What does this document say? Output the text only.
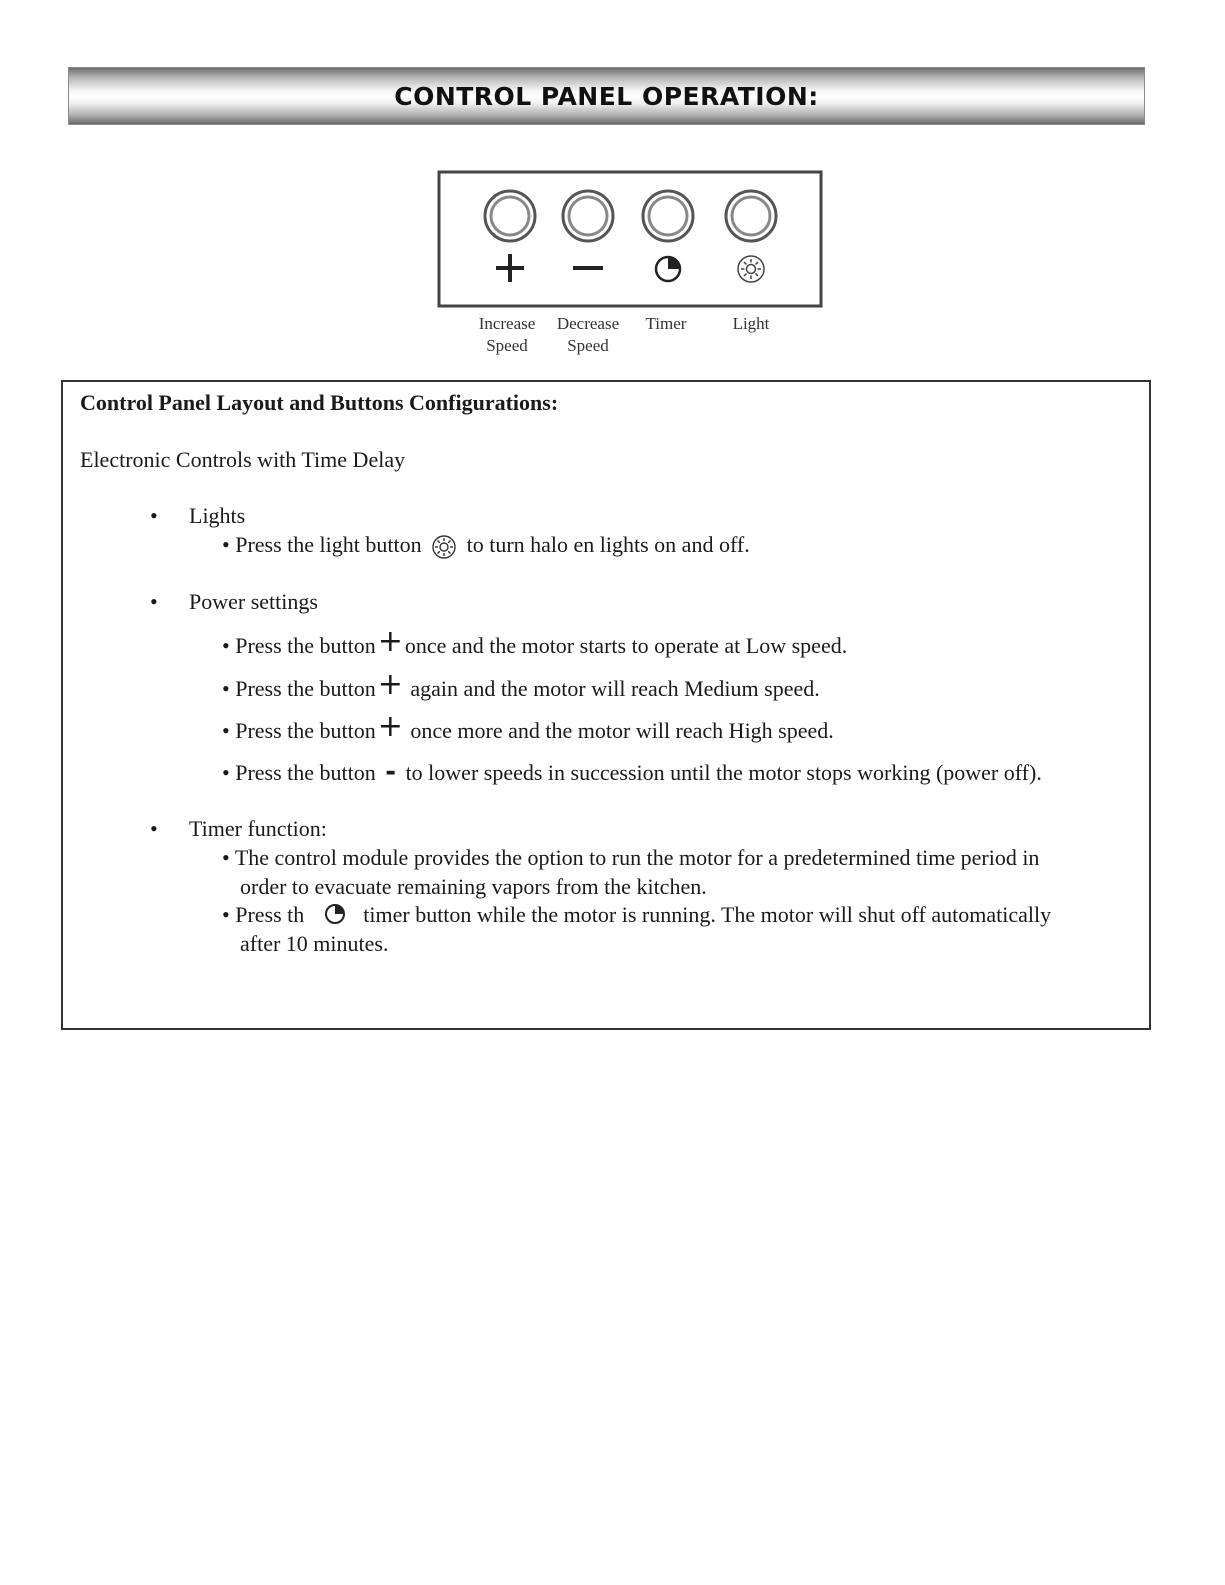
CONTROL PANEL OPERATION:
Increase
Speed
Decrease
Speed
Timer	Light
Control Panel Layout and Buttons Configurations:
Electronic Controls with Time Delay
• Lights
• Press the light button to turn halo en lights on and off.
• Power settings
• Press the button+once and the motor starts to operate at Low speed.
• Press the button+ again and the motor will reach Medium speed.
• Press the button+ once more and the motor will reach High speed.
• Press the button - to lower speeds in succession until the motor stops working (power off).
• Timer function:
• The control module provides the option to run the motor for a predetermined time period in
order to evacuate remaining vapors from the kitchen.
• Press th	timer button while the motor is running. The motor will shut off automatically
after 10 minutes.
